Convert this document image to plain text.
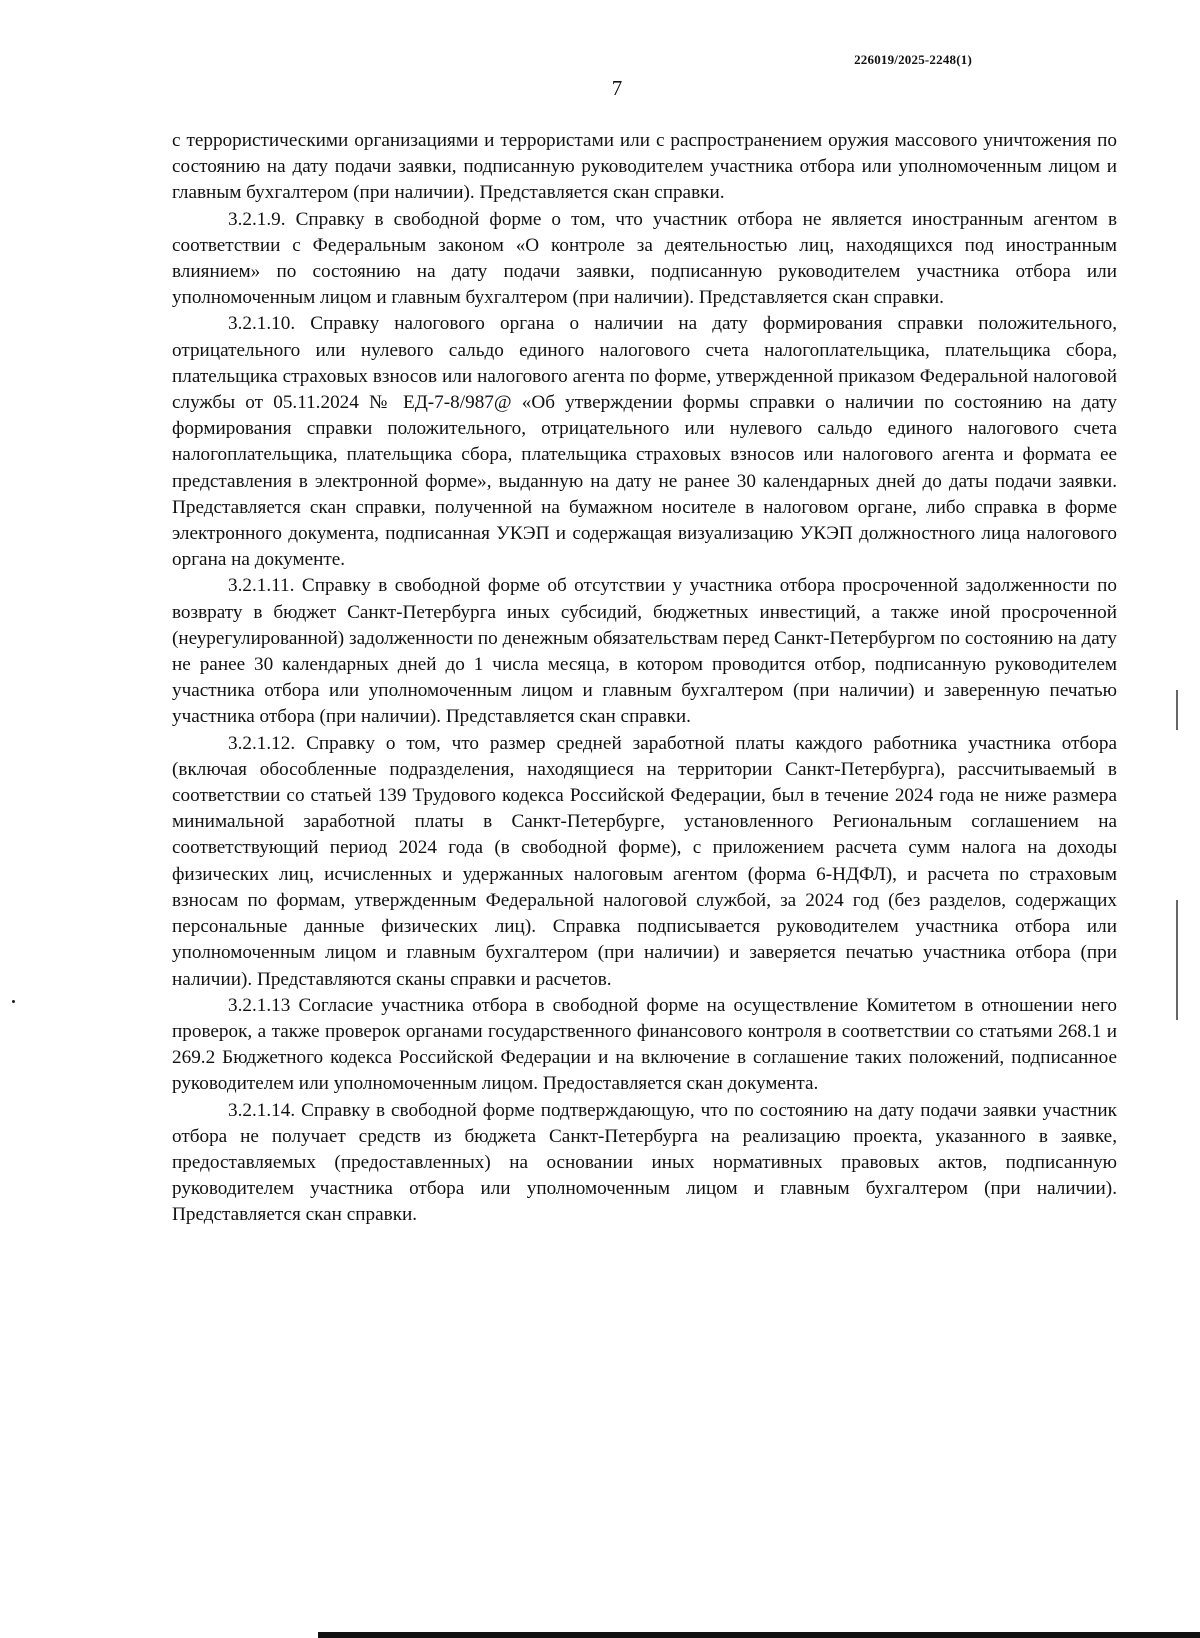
226019/2025-2248(1)
7

с террористическими организациями и террористами или с распространением оружия массового уничтожения по состоянию на дату подачи заявки, подписанную руководителем участника отбора или уполномоченным лицом и главным бухгалтером (при наличии). Представляется скан справки.

3.2.1.9. Справку в свободной форме о том, что участник отбора не является иностранным агентом в соответствии с Федеральным законом «О контроле за деятельностью лиц, находящихся под иностранным влиянием» по состоянию на дату подачи заявки, подписанную руководителем участника отбора или уполномоченным лицом и главным бухгалтером (при наличии). Представляется скан справки.

3.2.1.10. Справку налогового органа о наличии на дату формирования справки положительного, отрицательного или нулевого сальдо единого налогового счета налогоплательщика, плательщика сбора, плательщика страховых взносов или налогового агента по форме, утвержденной приказом Федеральной налоговой службы от 05.11.2024 № ЕД-7-8/987@ «Об утверждении формы справки о наличии по состоянию на дату формирования справки положительного, отрицательного или нулевого сальдо единого налогового счета налогоплательщика, плательщика сбора, плательщика страховых взносов или налогового агента и формата ее представления в электронной форме», выданную на дату не ранее 30 календарных дней до даты подачи заявки. Представляется скан справки, полученной на бумажном носителе в налоговом органе, либо справка в форме электронного документа, подписанная УКЭП и содержащая визуализацию УКЭП должностного лица налогового органа на документе.

3.2.1.11. Справку в свободной форме об отсутствии у участника отбора просроченной задолженности по возврату в бюджет Санкт-Петербурга иных субсидий, бюджетных инвестиций, а также иной просроченной (неурегулированной) задолженности по денежным обязательствам перед Санкт-Петербургом по состоянию на дату не ранее 30 календарных дней до 1 числа месяца, в котором проводится отбор, подписанную руководителем участника отбора или уполномоченным лицом и главным бухгалтером (при наличии) и заверенную печатью участника отбора (при наличии). Представляется скан справки.

3.2.1.12. Справку о том, что размер средней заработной платы каждого работника участника отбора (включая обособленные подразделения, находящиеся на территории Санкт-Петербурга), рассчитываемый в соответствии со статьей 139 Трудового кодекса Российской Федерации, был в течение 2024 года не ниже размера минимальной заработной платы в Санкт-Петербурге, установленного Региональным соглашением на соответствующий период 2024 года (в свободной форме), с приложением расчета сумм налога на доходы физических лиц, исчисленных и удержанных налоговым агентом (форма 6-НДФЛ), и расчета по страховым взносам по формам, утвержденным Федеральной налоговой службой, за 2024 год (без разделов, содержащих персональные данные физических лиц). Справка подписывается руководителем участника отбора или уполномоченным лицом и главным бухгалтером (при наличии) и заверяется печатью участника отбора (при наличии). Представляются сканы справки и расчетов.

3.2.1.13 Согласие участника отбора в свободной форме на осуществление Комитетом в отношении него проверок, а также проверок органами государственного финансового контроля в соответствии со статьями 268.1 и 269.2 Бюджетного кодекса Российской Федерации и на включение в соглашение таких положений, подписанное руководителем или уполномоченным лицом. Предоставляется скан документа.

3.2.1.14. Справку в свободной форме подтверждающую, что по состоянию на дату подачи заявки участник отбора не получает средств из бюджета Санкт-Петербурга на реализацию проекта, указанного в заявке, предоставляемых (предоставленных) на основании иных нормативных правовых актов, подписанную руководителем участника отбора или уполномоченным лицом и главным бухгалтером (при наличии). Представляется скан справки.
